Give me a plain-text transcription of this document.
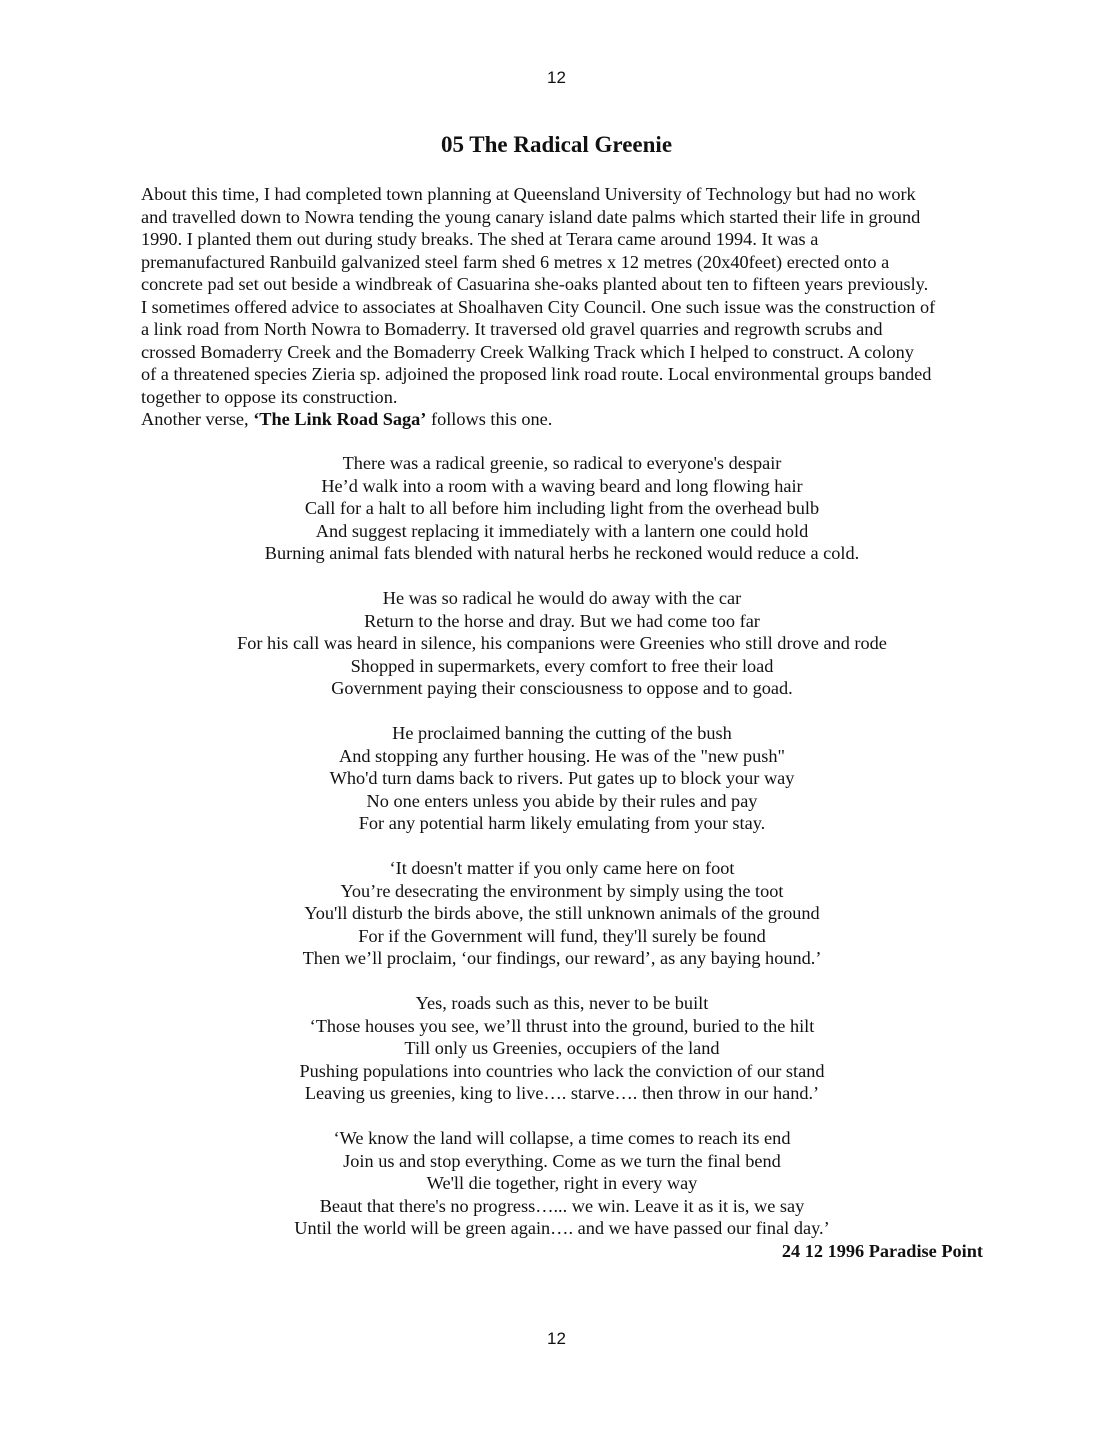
12
05 The Radical Greenie
About this time, I had completed town planning at Queensland University of Technology but had no work
and travelled down to Nowra tending the young canary island date palms which started their life in ground
1990. I planted them out during study breaks. The shed at Terara came around 1994. It was a
premanufactured Ranbuild galvanized steel farm shed 6 metres x 12 metres (20x40feet) erected onto a
concrete pad set out beside a windbreak of Casuarina she-oaks planted about ten to fifteen years previously.
I sometimes offered advice to associates at Shoalhaven City Council. One such issue was the construction of
a link road from North Nowra to Bomaderry. It traversed old gravel quarries and regrowth scrubs and
crossed Bomaderry Creek and the Bomaderry Creek Walking Track which I helped to construct. A colony
of a threatened species Zieria sp. adjoined the proposed link road route. Local environmental groups banded
together to oppose its construction.
Another verse, ‘The Link Road Saga’ follows this one.
There was a radical greenie, so radical to everyone's despair
He’d walk into a room with a waving beard and long flowing hair
Call for a halt to all before him including light from the overhead bulb
And suggest replacing it immediately with a lantern one could hold
Burning animal fats blended with natural herbs he reckoned would reduce a cold.
He was so radical he would do away with the car
Return to the horse and dray. But we had come too far
For his call was heard in silence, his companions were Greenies who still drove and rode
Shopped in supermarkets, every comfort to free their load
Government paying their consciousness to oppose and to goad.
He proclaimed banning the cutting of the bush
And stopping any further housing. He was of the "new push"
Who'd turn dams back to rivers. Put gates up to block your way
No one enters unless you abide by their rules and pay
For any potential harm likely emulating from your stay.
‘It doesn't matter if you only came here on foot
You’re desecrating the environment by simply using the toot
You'll disturb the birds above, the still unknown animals of the ground
For if the Government will fund, they'll surely be found
Then we’ll proclaim, ‘our findings, our reward’, as any baying hound.’
Yes, roads such as this, never to be built
‘Those houses you see, we’ll thrust into the ground, buried to the hilt
Till only us Greenies, occupiers of the land
Pushing populations into countries who lack the conviction of our stand
Leaving us greenies, king to live…. starve…. then throw in our hand.’
‘We know the land will collapse, a time comes to reach its end
Join us and stop everything. Come as we turn the final bend
We'll die together, right in every way
Beaut that there's no progress…... we win. Leave it as it is, we say
Until the world will be green again…. and we have passed our final day.’
24 12 1996 Paradise Point
12
